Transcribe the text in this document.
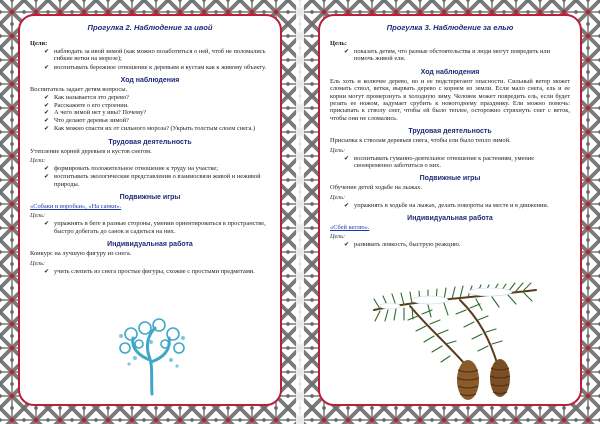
Прогулка 2. Наблюдение за ивой
Цели:
✔ наблюдать за ивой зимой (как можно позаботиться о ней, чтоб не поломались гибкие ветки на морозе);
✔ воспитывать бережное отношение к деревьям и кустам как к живому объекту.
Ход наблюдения

Воспитатель задает детям вопросы.

✔ Как называется это дерево?
✔ Расскажите о его строении.
✔ А чего зимой нет у ивы? Почему?
✔ Что делают деревья зимой?
✔ Как можно спасти их от сильного мороза? (Укрыть толстым слоем снега.)
Трудовая деятельность

Утепление корней деревьев и кустов снегом.

Цели:
✔ формировать положительное отношение к труду на участке;
✔ воспитывать экологические представления о взаимосвязи живой и неживой природы.
Подвижные игры
«Собаки и воробьи», «На санки».
Цель:
✔ упражнять в беге в разные стороны, умении ориентироваться в пространстве, быстро добегать до санок и садиться на них.
Индивидуальная работа

Конкурс на лучшую фигуру из снега.

Цель:
✔ учить слепить из снега простые фигуры, схожие с простыми предметами.
Прогулка 3. Наблюдение за елью
Цель:
✔ показать детям, что разные обстоятельства и люди могут повредить или помочь живой ели.
Ход наблюдения

Ель хоть и колючее дерево, но и ее подстерегают опасности. Сильный ветер может сломать ствол, ветки, вырвать дерево с корнем из земли. Если мало снега, ель и ее корни могут промерзнуть в холодную зиму. Человек может повредить ель, если будет резать ее ножом, задумает срубить к новогоднему празднику. Ели можно помочь: присыпать к стволу снег, чтобы ей было теплее, осторожно стряхнуть снег с веток, чтобы они не сломались.

Трудовая деятельность

Приcыпка к стволам деревьев снега, чтобы ели было тепло зимой.

Цель:
✔ воспитывать гуманно-деятельное отношение к растениям, умение своевременно заботиться о них.
Подвижные игры

Обучение детей ходьбе на лыжах.

Цель:
✔ упражнять в ходьбе на лыжах, делать повороты на месте и в движении.
Индивидуальная работа
«Сбей кеглю».
Цель:
✔ развивать ловкость, быструю реакцию.
